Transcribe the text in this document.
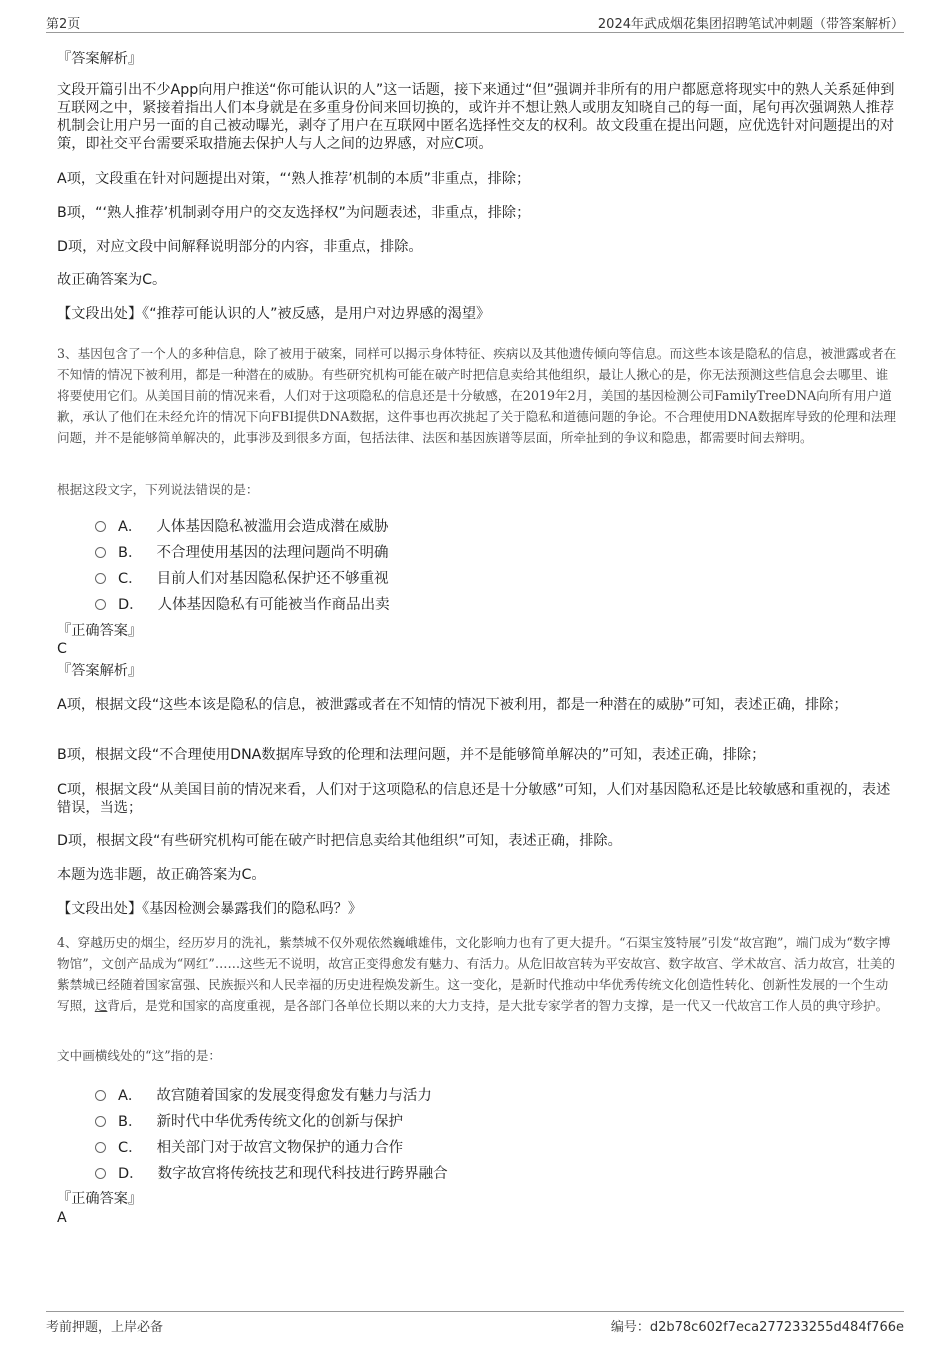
第2页	2024年武成烟花集团招聘笔试冲刺题（带答案解析）
『答案解析』
文段开篇引出不少App向用户推送“你可能认识的人”这一话题，接下来通过“但”强调并非所有的用户都愿意将现实中的熟人关系延伸到互联网之中，紧接着指出人们本身就是在多重身份间来回切换的，或许并不想让熟人或朋友知晓自己的每一面，尾句再次强调熟人推荐机制会让用户另一面的自己被动曝光，剥夺了用户在互联网中匿名选择性交友的权利。故文段重在提出问题，应优选针对问题提出的对策，即社交平台需要采取措施去保护人与人之间的边界感，对应C项。
A项，文段重在针对问题提出对策，“‘熟人推荐’机制的本质”非重点，排除；
B项，“‘熟人推荐’机制剥夺用户的交友选择权”为问题表述，非重点，排除；
D项，对应文段中间解释说明部分的内容，非重点，排除。
故正确答案为C。
【文段出处】《“推荐可能认识的人”被反感，是用户对边界感的渴望》
3、基因包含了一个人的多种信息，除了被用于破案，同样可以揭示身体特征、疾病以及其他遗传倾向等信息。而这些本该是隐私的信息，被泄露或者在不知情的情况下被利用，都是一种潜在的威胁。有些研究机构可能在破产时把信息卖给其他组织，最让人揪心的是，你无法预测这些信息会去哪里、谁将要使用它们。从美国目前的情况来看，人们对于这项隐私的信息还是十分敏感，在2019年2月，美国的基因检测公司FamilyTreeDNA向所有用户道歉，承认了他们在未经允许的情况下向FBI提供DNA数据，这件事也再次挑起了关于隐私和道德问题的争论。不合理使用DNA数据库导致的伦理和法理问题，并不是能够简单解决的，此事涉及到很多方面，包括法律、法医和基因族谱等层面，所牵扯到的争议和隐患，都需要时间去辩明。
根据这段文字，下列说法错误的是：
A． 人体基因隐私被滥用会造成潜在威胁
B． 不合理使用基因的法理问题尚不明确
C． 目前人们对基因隐私保护还不够重视
D． 人体基因隐私有可能被当作商品出卖
『正确答案』
C
『答案解析』
A项，根据文段“这些本该是隐私的信息，被泄露或者在不知情的情况下被利用，都是一种潜在的威胁”可知，表述正确，排除；
B项，根据文段“不合理使用DNA数据库导致的伦理和法理问题，并不是能够简单解决的”可知，表述正确，排除；
C项，根据文段“从美国目前的情况来看，人们对于这项隐私的信息还是十分敏感”可知，人们对基因隐私还是比较敏感和重视的，表述错误，当选；
D项，根据文段“有些研究机构可能在破产时把信息卖给其他组织”可知，表述正确，排除。
本题为选非题，故正确答案为C。
【文段出处】《基因检测会暴露我们的隐私吗？》
4、穿越历史的烟尘，经历岁月的洗礼，紫禁城不仅外观依然巍峨雄伟，文化影响力也有了更大提升。“石渠宝笈特展”引发“故宫跑”，端门成为“数字博物馆”，文创产品成为“网红”……这些无不说明，故宫正变得愈发有魅力、有活力。从危旧故宫转为平安故宫、数字故宫、学术故宫、活力故宫，壮美的紫禁城已经随着国家富强、民族振兴和人民幸福的历史进程焕发新生。这一变化，是新时代推动中华优秀传统文化创造性转化、创新性发展的一个生动写照，这背后，是党和国家的高度重视，是各部门各单位长期以来的大力支持，是大批专家学者的智力支撑，是一代又一代故宫工作人员的典守珍护。
文中画横线处的“这”指的是：
A． 故宫随着国家的发展变得愈发有魅力与活力
B． 新时代中华优秀传统文化的创新与保护
C． 相关部门对于故宫文物保护的通力合作
D． 数字故宫将传统技艺和现代科技进行跨界融合
『正确答案』
A
考前押题，上岸必备	编号：d2b78c602f7eca277233255d484f766e
